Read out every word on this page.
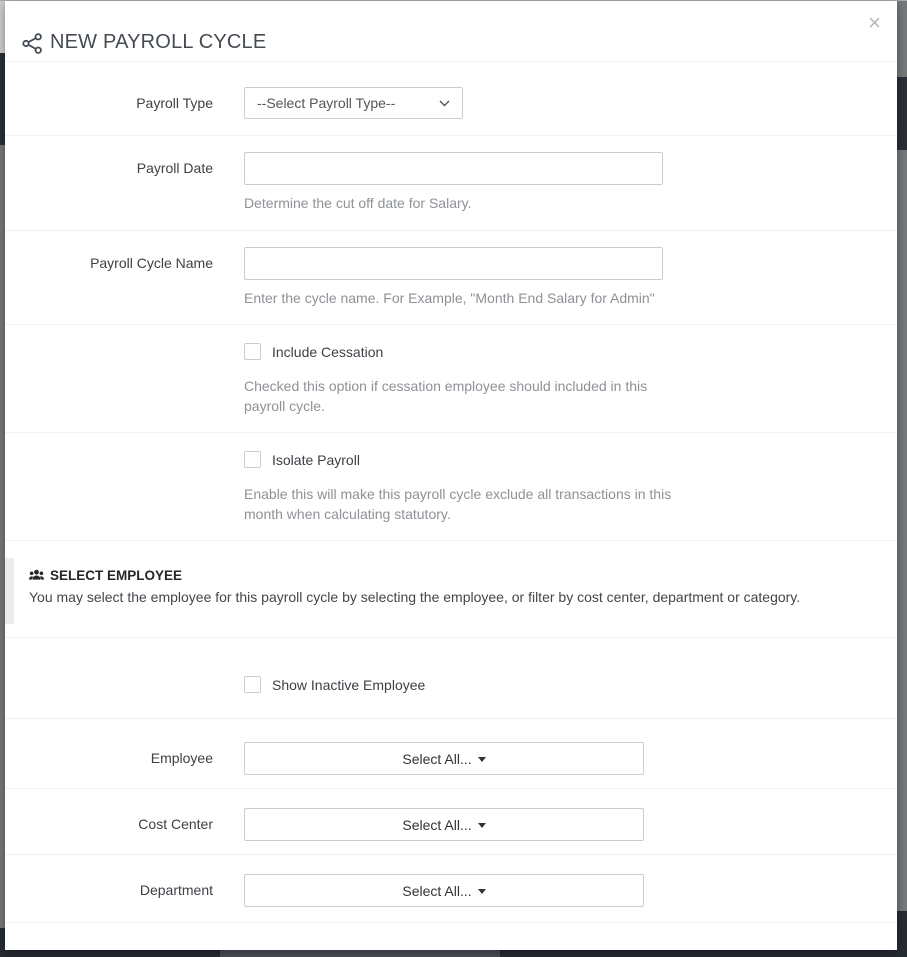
NEW PAYROLL CYCLE
×
Payroll Type	--Select Payroll Type--
Payroll Date
Determine the cut off date for Salary.
Payroll Cycle Name
Enter the cycle name. For Example, "Month End Salary for Admin"
Include Cessation
Checked this option if cessation employee should included in this payroll cycle.
Isolate Payroll
Enable this will make this payroll cycle exclude all transactions in this month when calculating statutory.
SELECT EMPLOYEE
You may select the employee for this payroll cycle by selecting the employee, or filter by cost center, department or category.
Show Inactive Employee
Employee	Select All...
Cost Center	Select All...
Department	Select All...
